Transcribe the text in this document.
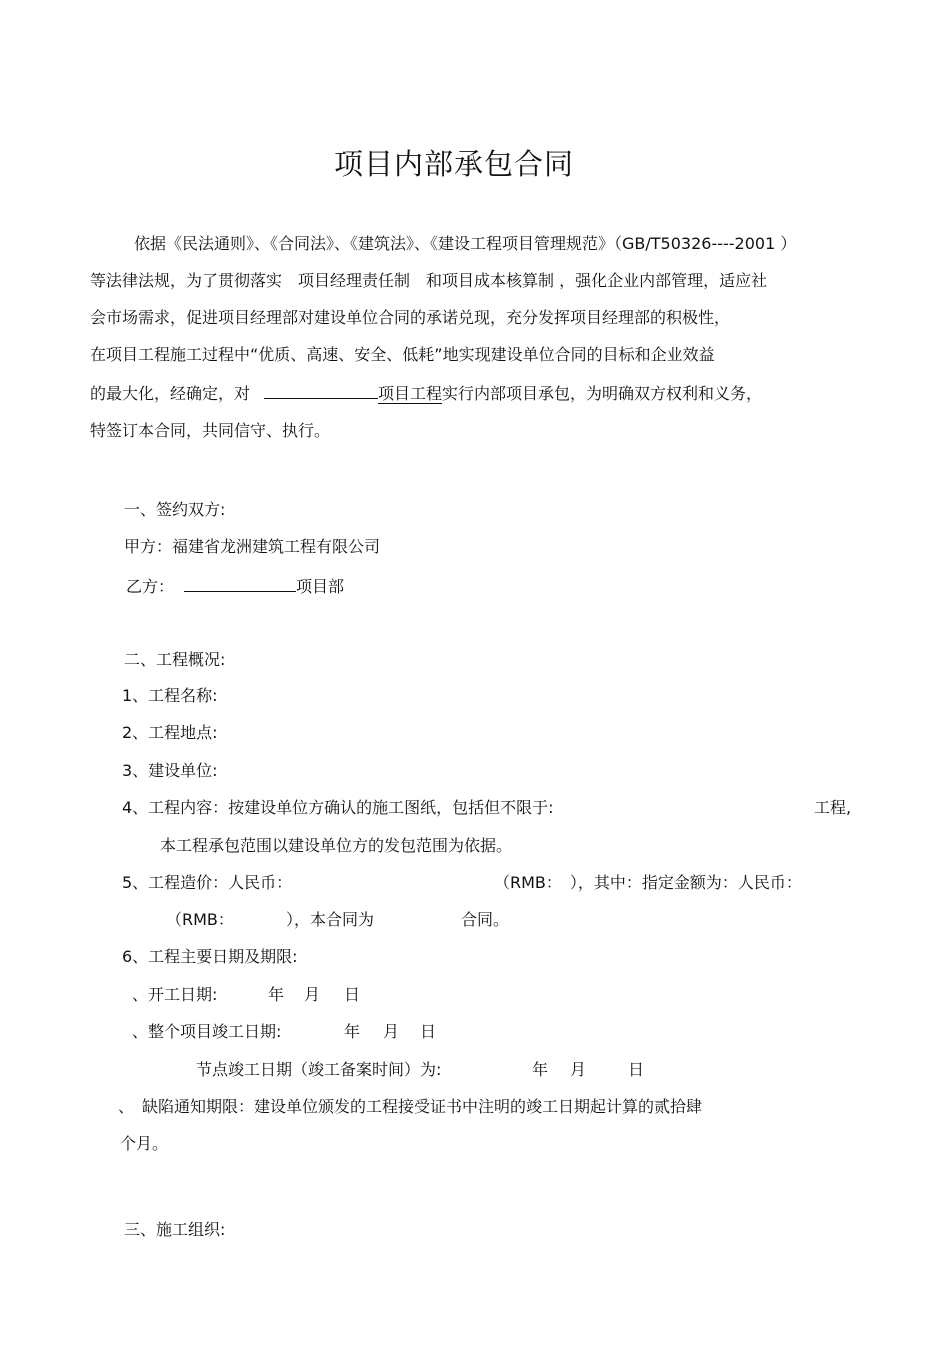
项目内部承包合同
依据《民法通则》、《合同法》、《建筑法》、《建设工程项目管理规范》（GB/T50326----2001 ）
等法律法规，为了贯彻落实　项目经理责任制　和项目成本核算制 ，强化企业内部管理，适应社
会市场需求，促进项目经理部对建设单位合同的承诺兑现，充分发挥项目经理部的积极性，
在项目工程施工过程中“优质、高速、安全、低耗”地实现建设单位合同的目标和企业效益
的最大化，经确定，对	项目工程实行内部项目承包，为明确双方权利和义务，
特签订本合同，共同信守、执行。
一、签约双方:
甲方：福建省龙洲建筑工程有限公司
乙方：	项目部
二、工程概况:
1、工程名称:
2、工程地点:
3、建设单位:
4、工程内容：按建设单位方确认的施工图纸，包括但不限于:	工程,
本工程承包范围以建设单位方的发包范围为依据。
5、工程造价：人民币：	（RMB：　），其中：指定金额为：人民币：
（RMB：	），本合同为	合同。
6、工程主要日期及期限:
、开工日期:	年 月 日
、整个项目竣工日期:	年 月 日
节点竣工日期（竣工备案时间）为:	年 月	日
、　缺陷通知期限：建设单位颁发的工程接受证书中注明的竣工日期起计算的贰拾肆
个月。
三、施工组织:
